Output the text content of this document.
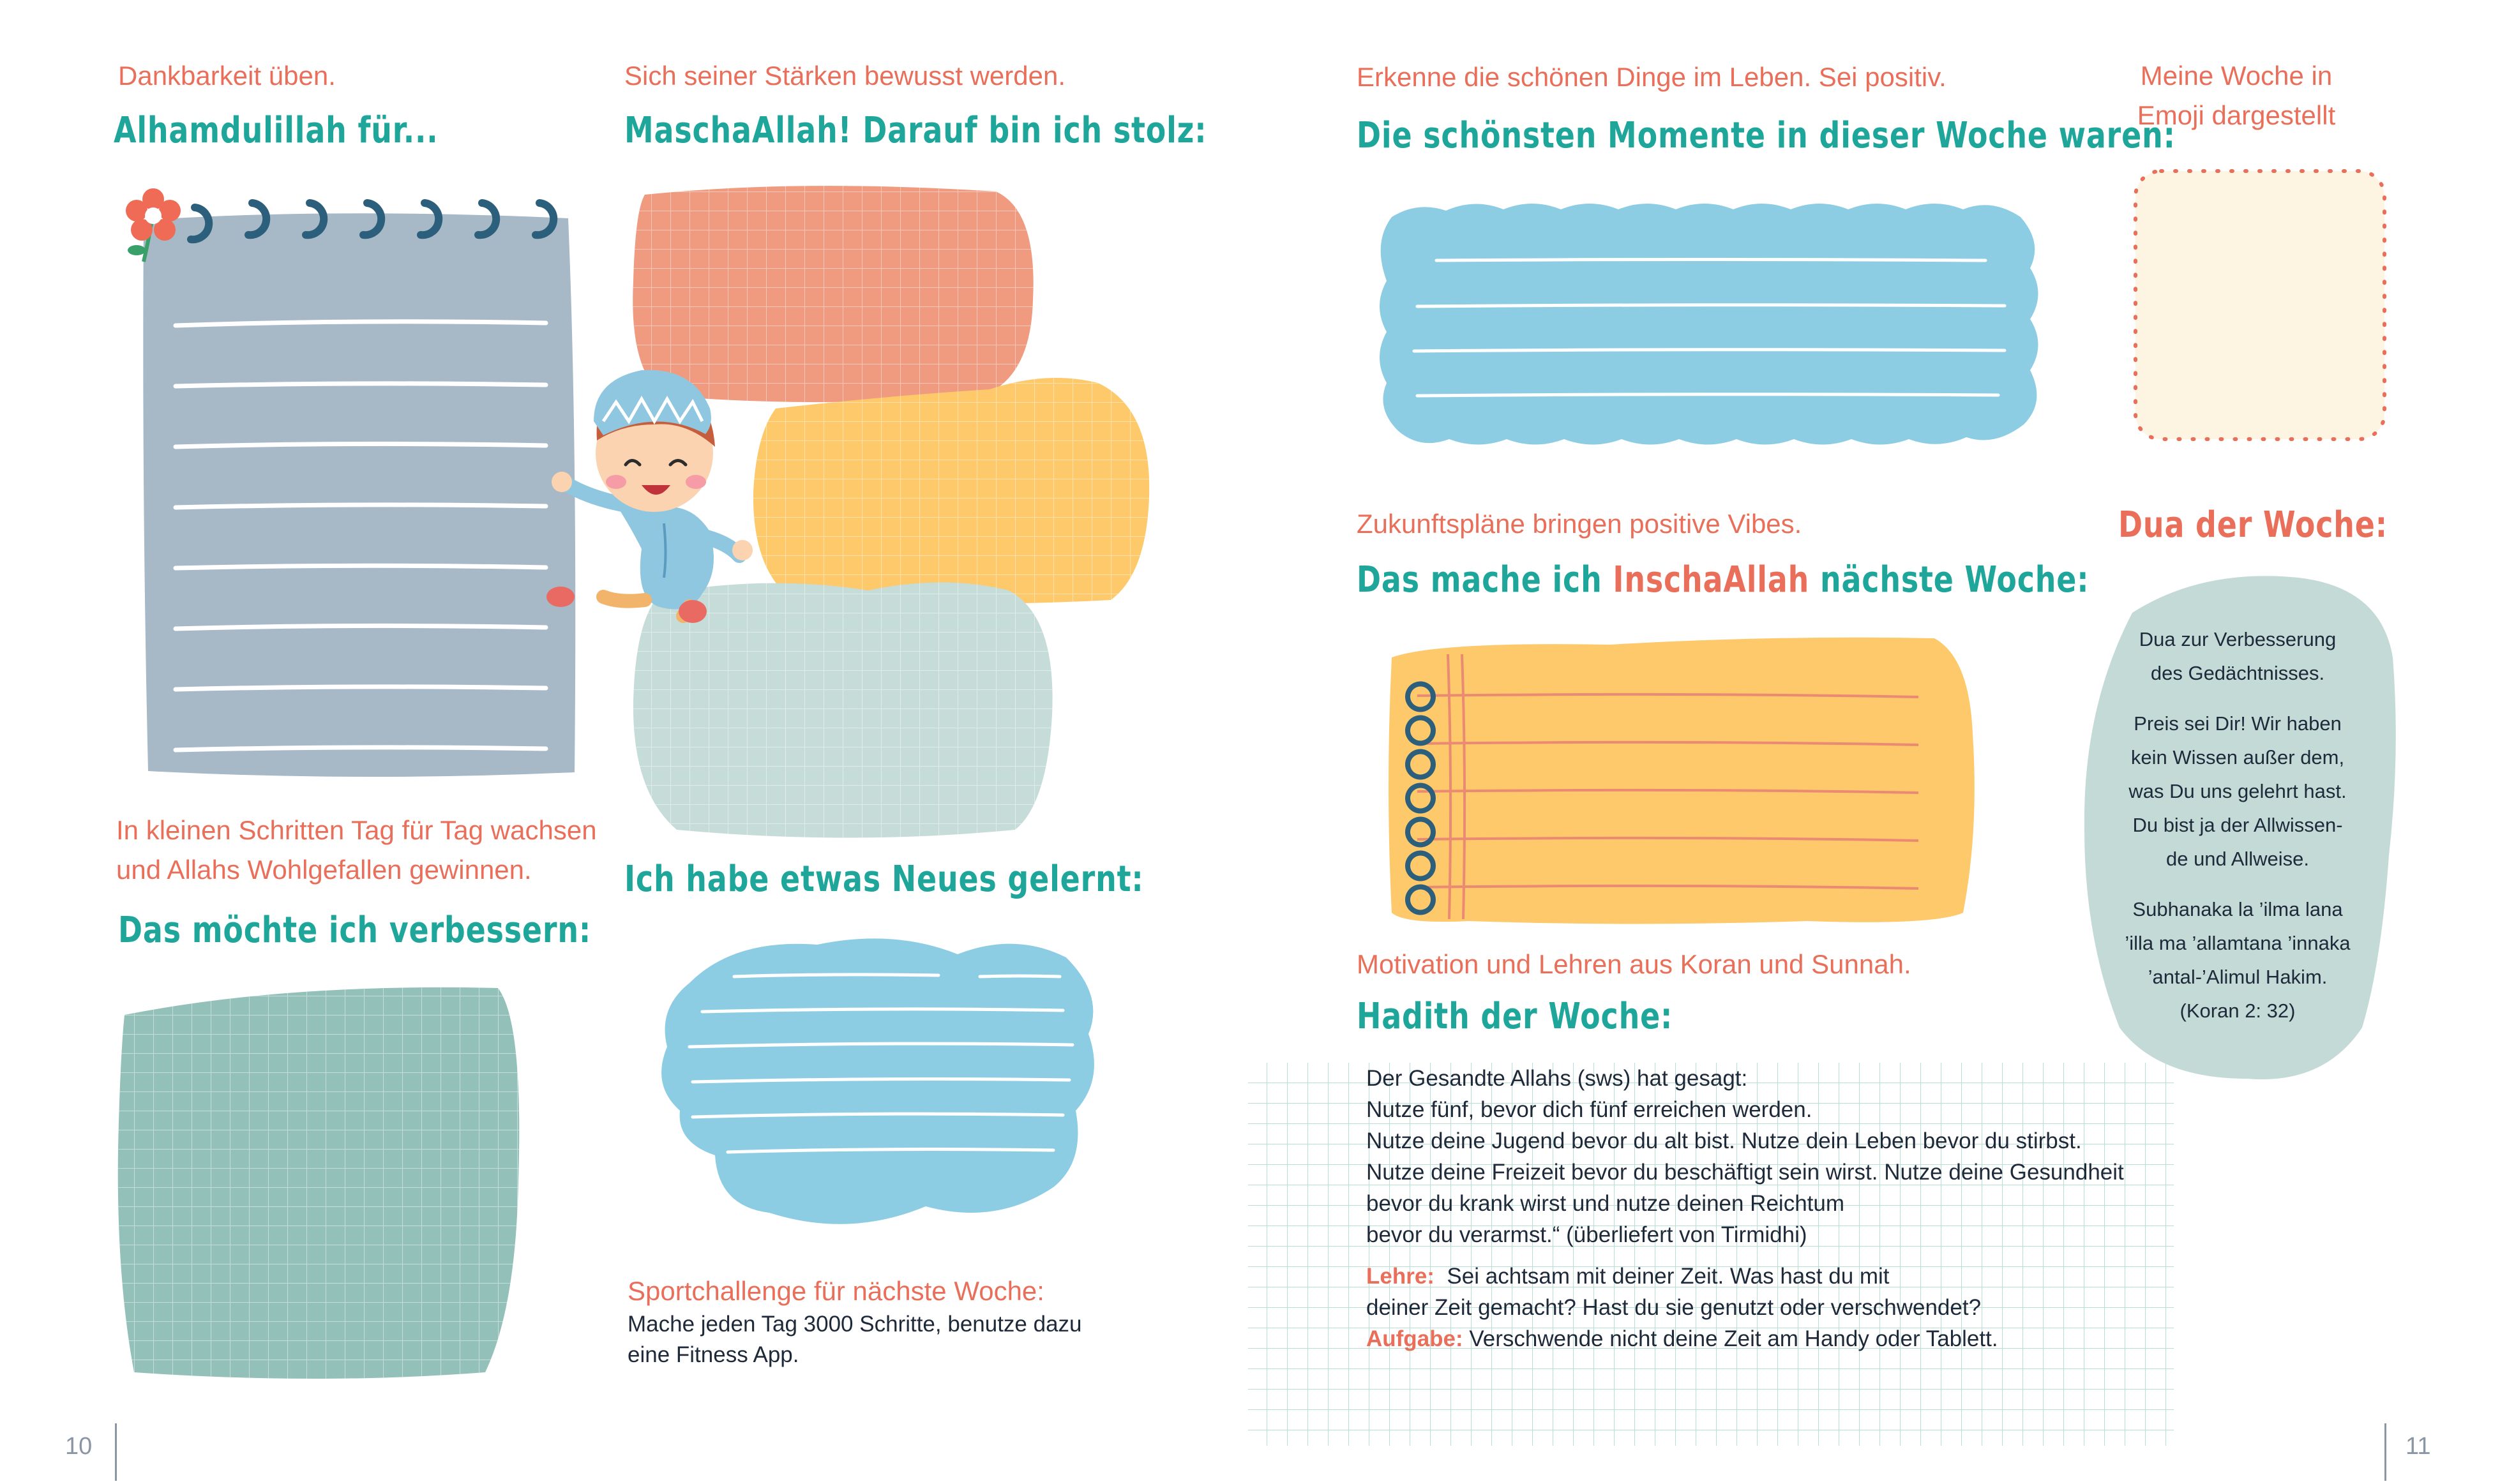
Dankbarkeit üben.

Alhamdulillah für...

Sich seiner Stärken bewusst werden.

MaschaAllah! Darauf bin ich stolz:

In kleinen Schritten Tag für Tag wachsen

und Allahs Wohlgefallen gewinnen.

Das möchte ich verbessern:

Ich habe etwas Neues gelernt:

Sportchallenge für nächste Woche:

Mache jeden Tag 3000 Schritte, benutze dazu

eine Fitness App.

10

Erkenne die schönen Dinge im Leben. Sei positiv.

Die schönsten Momente in dieser Woche waren:

Meine Woche in

Emoji dargestellt

Zukunftspläne bringen positive Vibes.

Das mache ich InschaAllah nächste Woche:

Dua der Woche:

Dua zur Verbesserung
des Gedächtnisses.
Preis sei Dir! Wir haben
kein Wissen außer dem,
was Du uns gelehrt hast.
Du bist ja der Allwissen-
de und Allweise.
Subhanaka la ’ilma lana
’illa ma ’allamtana ’innaka
’antal-’Alimul Hakim.
(Koran 2: 32)

Motivation und Lehren aus Koran und Sunnah.

Hadith der Woche:

Der Gesandte Allahs (sws) hat gesagt:

Nutze fünf, bevor dich fünf erreichen werden.

Nutze deine Jugend bevor du alt bist. Nutze dein Leben bevor du stirbst.

Nutze deine Freizeit bevor du beschäftigt sein wirst. Nutze deine Gesundheit

bevor du krank wirst und nutze deinen Reichtum

bevor du verarmst.“ (überliefert von Tirmidhi)

Lehre: Sei achtsam mit deiner Zeit. Was hast du mit

deiner Zeit gemacht? Hast du sie genutzt oder verschwendet?

Aufgabe: Verschwende nicht deine Zeit am Handy oder Tablett.

11
